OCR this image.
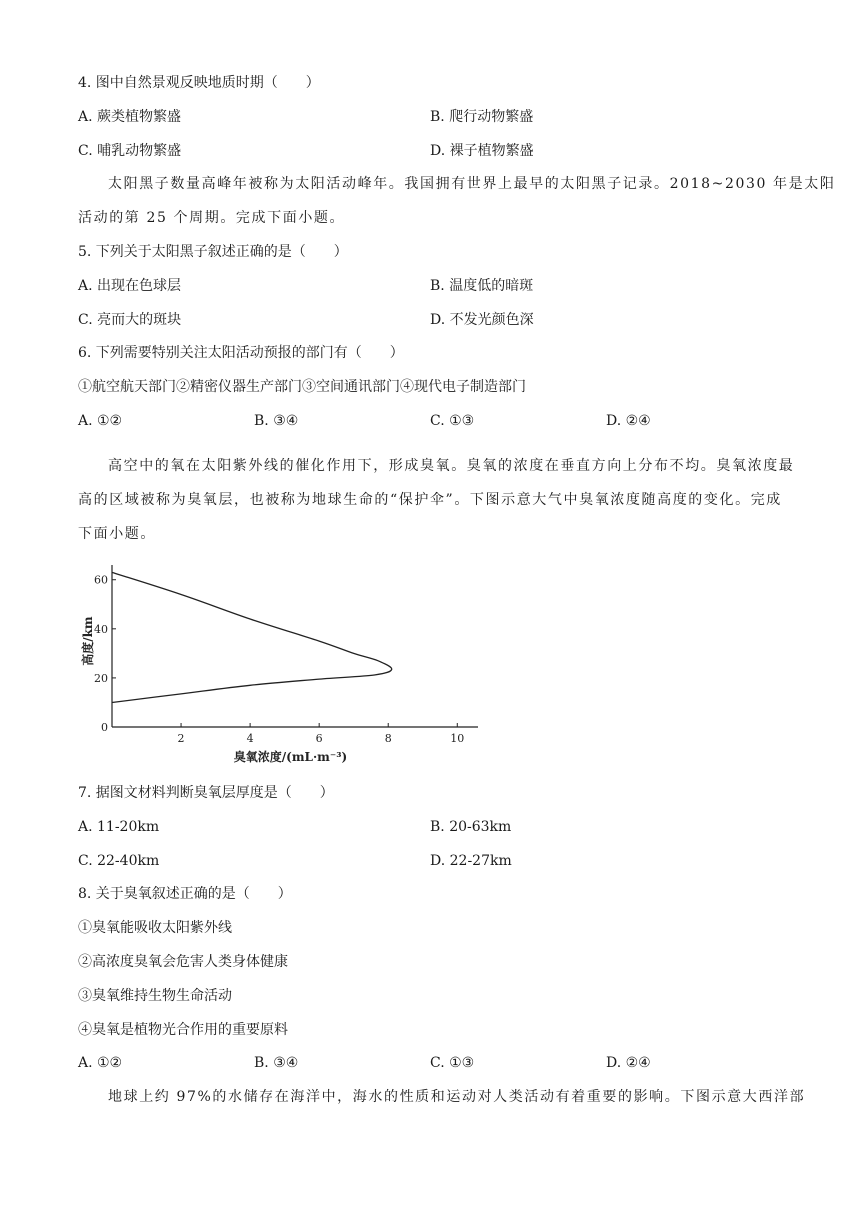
4. 图中自然景观反映地质时期（　　）
A. 蕨类植物繁盛	B. 爬行动物繁盛
C. 哺乳动物繁盛	D. 裸子植物繁盛
太阳黑子数量高峰年被称为太阳活动峰年。我国拥有世界上最早的太阳黑子记录。2018~2030 年是太阳
活动的第 25 个周期。完成下面小题。
5. 下列关于太阳黑子叙述正确的是（　　）
A. 出现在色球层	B. 温度低的暗斑
C. 亮而大的斑块	D. 不发光颜色深
6. 下列需要特别关注太阳活动预报的部门有（　　）
①航空航天部门②精密仪器生产部门③空间通讯部门④现代电子制造部门
A. ①②	B. ③④	C. ①③	D. ②④
高空中的氧在太阳紫外线的催化作用下，形成臭氧。臭氧的浓度在垂直方向上分布不均。臭氧浓度最
高的区域被称为臭氧层，也被称为地球生命的“保护伞”。下图示意大气中臭氧浓度随高度的变化。完成
下面小题。
2	4	6	8	10
0
20
40
60
臭氧浓度/(mL·m⁻³)
高度/km
7. 据图文材料判断臭氧层厚度是（　　）
A. 11-20km	B. 20-63km
C. 22-40km	D. 22-27km
8. 关于臭氧叙述正确的是（　　）
①臭氧能吸收太阳紫外线
②高浓度臭氧会危害人类身体健康
③臭氧维持生物生命活动
④臭氧是植物光合作用的重要原料
A. ①②	B. ③④	C. ①③	D. ②④
地球上约 97%的水储存在海洋中，海水的性质和运动对人类活动有着重要的影响。下图示意大西洋部
